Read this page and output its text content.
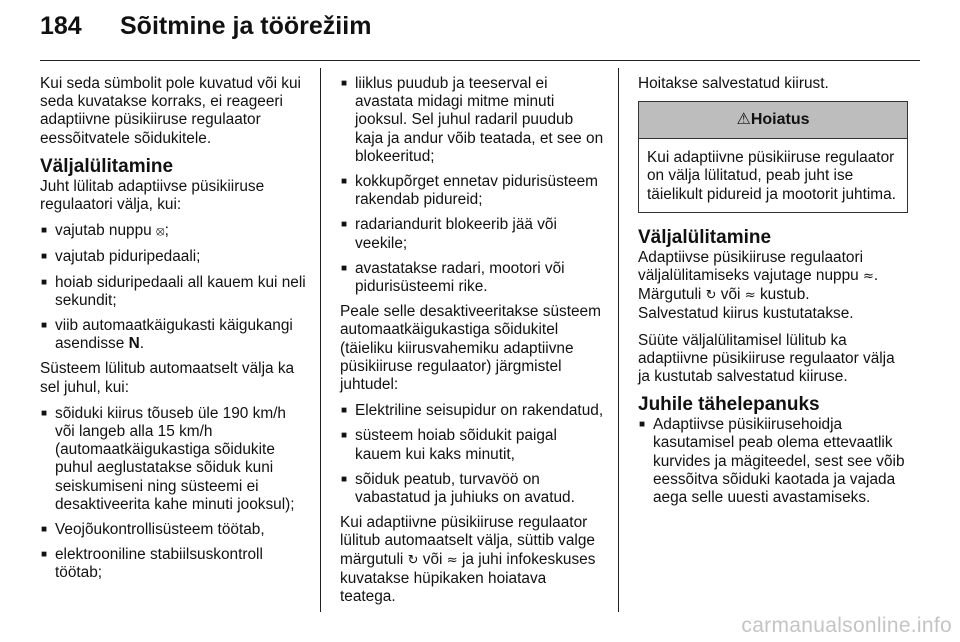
184 Sõitmine ja töörežiim

Kui seda sümbolit pole kuvatud või kui seda kuvatakse korraks, ei reageeri adaptiivne püsikiiruse regulaator eessõitvatele sõidukitele.

Väljalülitamine

Juht lülitab adaptiivse püsikiiruse regulaatori välja, kui:

■ vajutab nuppu ⦻;
■ vajutab piduripedaali;
■ hoiab siduripedaali all kauem kui neli sekundit;
■ viib automaatkäigukasti käigukangi asendisse N.

Süsteem lülitub automaatselt välja ka sel juhul, kui:

■ sõiduki kiirus tõuseb üle 190 km/h või langeb alla 15 km/h (automaatkäigukastiga sõidukite puhul aeglustatakse sõiduk kuni seiskumiseni ning süsteemi ei desaktiveerita kahe minuti jooksul);
■ Veojõukontrollisüsteem töötab,
■ elektrooniline stabiilsuskontroll töötab;
■ liiklus puudub ja teeserval ei avastata midagi mitme minuti jooksul. Sel juhul radaril puudub kaja ja andur võib teatada, et see on blokeeritud;
■ kokkupõrget ennetav pidurisüsteem rakendab pidureid;
■ radariandurit blokeerib jää või veekile;
■ avastatakse radari, mootori või pidurisüsteemi rike.

Peale selle desaktiveeritakse süsteem automaatkäigukastiga sõidukitel (täieliku kiirusvahemiku adaptiivne püsikiiruse regulaator) järgmistel juhtudel:

■ Elektriline seisupidur on rakendatud,
■ süsteem hoiab sõidukit paigal kauem kui kaks minutit,
■ sõiduk peatub, turvavöö on vabastatud ja juhiuks on avatud.

Kui adaptiivne püsikiiruse regulaator lülitub automaatselt välja, süttib valge märgutuli ↻ või ≈ ja juhi infokeskuses kuvatakse hüpikaken hoiatava teatega.

Hoitakse salvestatud kiirust.

⚠Hoiatus
Kui adaptiivne püsikiiruse regulaator on välja lülitatud, peab juht ise täielikult pidureid ja mootorit juhtima.
Väljalülitamine

Adaptiivse püsikiiruse regulaatori väljalülitamiseks vajutage nuppu ≈. Märgutuli ↻ või ≈ kustub.
Salvestatud kiirus kustutatakse.

Süüte väljalülitamisel lülitub ka adaptiivne püsikiiruse regulaator välja ja kustutab salvestatud kiiruse.

Juhile tähelepanuks
■ Adaptiivse püsikiirusehoidja kasutamisel peab olema ettevaatlik kurvides ja mägiteedel, sest see võib eessõitva sõiduki kaotada ja vajada aega selle uuesti avastamiseks.
carmanualsonline.info
